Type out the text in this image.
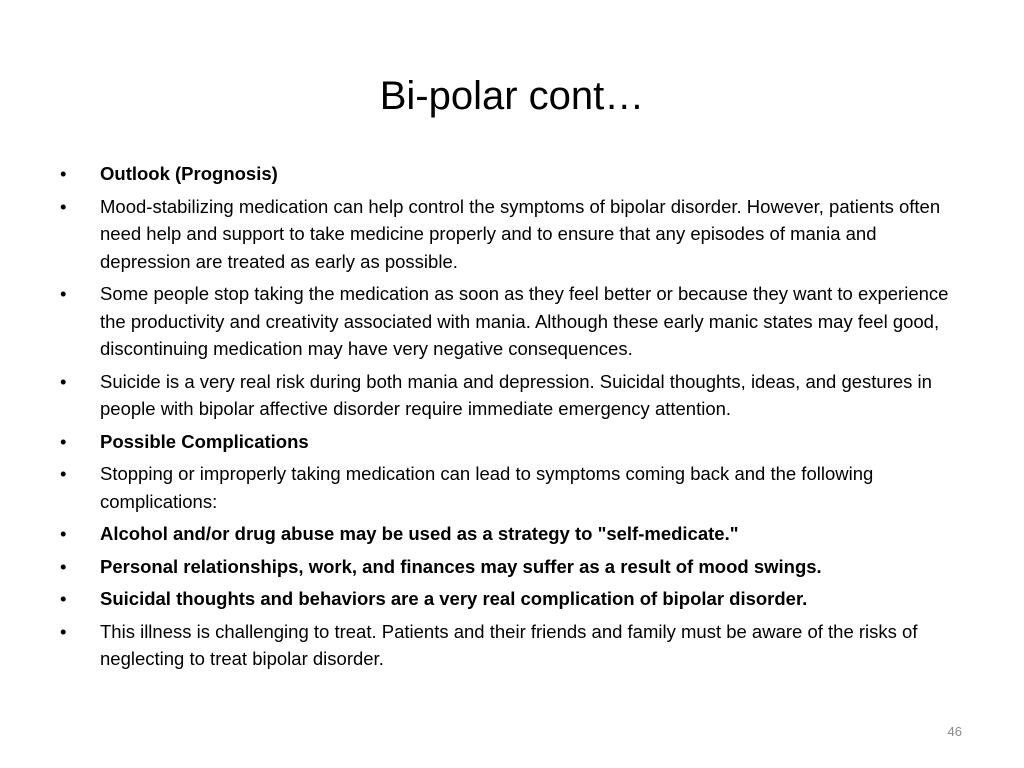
Bi-polar cont…
•	Outlook (Prognosis)
•	Mood-stabilizing medication can help control the symptoms of bipolar disorder. However, patients often need help and support to take medicine properly and to ensure that any episodes of mania and depression are treated as early as possible.
•	Some people stop taking the medication as soon as they feel better or because they want to experience the productivity and creativity associated with mania. Although these early manic states may feel good, discontinuing medication may have very negative consequences.
•	Suicide is a very real risk during both mania and depression. Suicidal thoughts, ideas, and gestures in people with bipolar affective disorder require immediate emergency attention.
•	Possible Complications
•	Stopping or improperly taking medication can lead to symptoms coming back and the following complications:
•	Alcohol and/or drug abuse may be used as a strategy to "self-medicate."
•	Personal relationships, work, and finances may suffer as a result of mood swings.
•	Suicidal thoughts and behaviors are a very real complication of bipolar disorder.
•	This illness is challenging to treat. Patients and their friends and family must be aware of the risks of neglecting to treat bipolar disorder.
46
